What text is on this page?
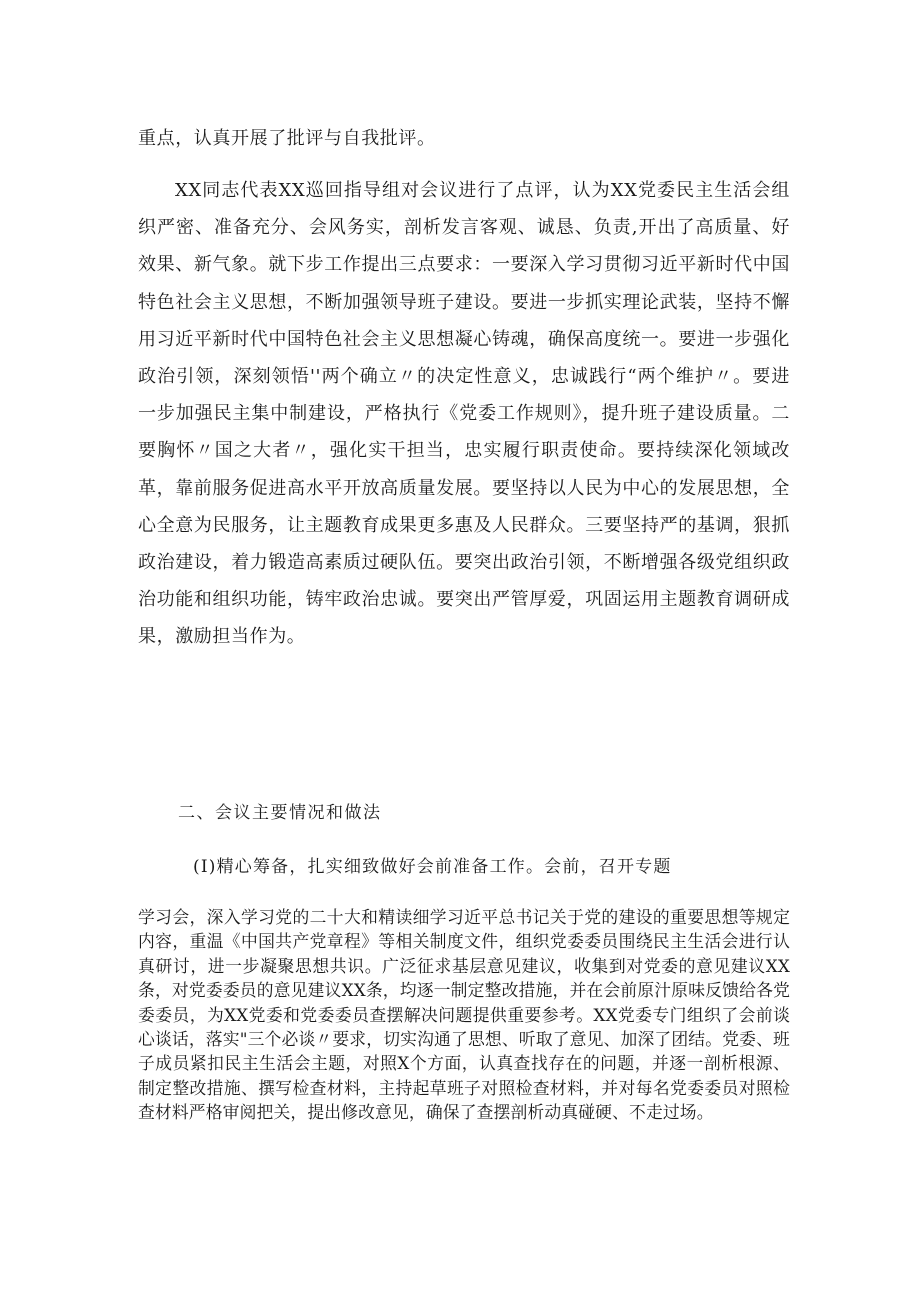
重点，认真开展了批评与自我批评。

XX同志代表XX巡回指导组对会议进行了点评，认为XX党委民主生活会组织严密、准备充分、会风务实，剖析发言客观、诚恳、负责,开出了高质量、好效果、新气象。就下步工作提出三点要求：一要深入学习贯彻习近平新时代中国特色社会主义思想，不断加强领导班子建设。要进一步抓实理论武装，坚持不懈用习近平新时代中国特色社会主义思想凝心铸魂，确保高度统一。要进一步强化政治引领，深刻领悟''两个确立〃的决定性意义，忠诚践行“两个维护〃。要进一步加强民主集中制建设，严格执行《党委工作规则》，提升班子建设质量。二要胸怀〃国之大者〃，强化实干担当，忠实履行职责使命。要持续深化领域改革，靠前服务促进高水平开放高质量发展。要坚持以人民为中心的发展思想，全心全意为民服务，让主题教育成果更多惠及人民群众。三要坚持严的基调，狠抓政治建设，着力锻造高素质过硬队伍。要突出政治引领，不断增强各级党组织政治功能和组织功能，铸牢政治忠诚。要突出严管厚爱，巩固运用主题教育调研成果，激励担当作为。

二、会议主要情况和做法
(I)精心筹备，扎实细致做好会前准备工作。会前，召开专题

学习会，深入学习党的二十大和精读细学习近平总书记关于党的建设的重要思想等规定内容，重温《中国共产党章程》等相关制度文件，组织党委委员围绕民主生活会进行认真研讨，进一步凝聚思想共识。广泛征求基层意见建议，收集到对党委的意见建议XX条，对党委委员的意见建议XX条，均逐一制定整改措施，并在会前原汁原味反馈给各党委委员，为XX党委和党委委员查摆解决问题提供重要参考。XX党委专门组织了会前谈心谈话，落实"三个必谈〃要求，切实沟通了思想、听取了意见、加深了团结。党委、班子成员紧扣民主生活会主题，对照X个方面，认真查找存在的问题，并逐一剖析根源、制定整改措施、撰写检查材料，主持起草班子对照检查材料，并对每名党委委员对照检查材料严格审阅把关，提出修改意见，确保了查摆剖析动真碰硬、不走过场。
